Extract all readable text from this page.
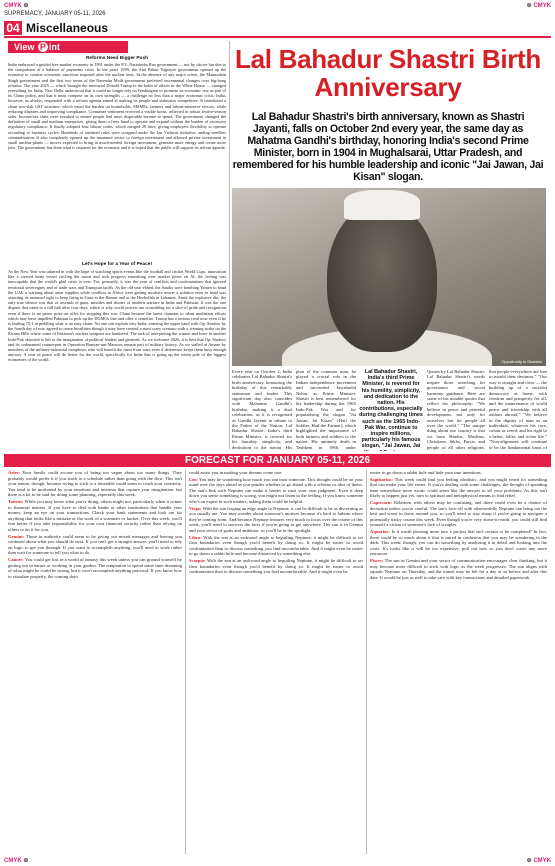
CMYK ⊕	⊕ CMYK
CMYK ⊕	⊕ CMYK
SUPREMACY, JANUARY 05-11, 2026
04 Miscellaneous
View P int
Reforms Need Bigger Push
India embraced a guided free market economy in 1991 under the P.V. Narasimha Rao government — not by choice but due to the compulsion of a balance of payments crisis. In the years 1999, the Atal Bihari Vajpayee government opened up the economy to counter economic sanctions imposed after the nuclear tests. In the absence of any major crises, the Manmohan Singh government and the first two terms of the Narendra Modi government preferred incremental changes over big-bang reforms. The year 2025 — which brought the mercurial Donald Trump to the helm of affairs in the White House — changed everything for India. New Delhi understood that it could no longer rely on Washington to promote its economic rise as part of its China policy, and that it must compete on its own strengths — a challenge no less than a major economic crisis. India, however, as always, responded with a reform agenda aimed at making its people and industries competitive. It introduced a clean two-slab GST structure, which eased the burden on households, MSMEs, farmers and labour-intensive sectors, while reducing disputes and improving compliance. Consumer sentiment received a visible boost, reflected in robust festive-season sales. Income-tax slabs were tweaked to ensure people had more disposable income to spend. The government changed the definition of small and medium enterprises, giving them a freer hand to operate and expand without the burden of excessive regulatory compliance. It finally adopted four labour codes, which merged 29 laws, giving employers flexibility to operate according to business cycles. Hundreds of outdated rules were scrapped under the Jan Vishwas initiative, ending needless criminalisation. It also completely opened up the insurance sector to foreign investment and allowed private investment in small nuclear plants — moves expected to bring in much-needed foreign investment, generate more energy and create more jobs. The government has done what is required for the economy and it is hoped that the public will support its reform agenda.
Let's Hope for a Year of Peace!
As the New Year was ushered in with the hope of watching sports events like the football and cricket World Cups, innovation like a crewed lunar vessel circling the moon and tech progress smoothing over market jitters on AI, the feeling was inescapable that the world's glad crisis is over. For, primarily, it was the year of conflicts and confrontations that ignored territorial sovereignty and of trade wars and Trumpian tariffs. As the old year ebbed, the Saudis were bombing Yemen to hand the UAE a warning about arms supplies while conflicts in Africa were getting nowhere nearer a solution even as head was asserting its assumed right to keep firing in Gaza at the Hamas and at the Hezbollah in Lebanon. Amid the explosive din, the only true silence was that of arsenals of guns, missiles and drones of modern warfare in India and Pakistan. It was the one dispute that came to a full halt after four days, which is why world powers are scrambling for a slice of pride and recognition even if there is no peace prize on offer for stopping this war. China became the latest claimant to silent mediation efforts which may have impelled Pakistan to pick up the DGMOs line and offer a ceasefire. Trump has a serious rival now even if he is leading 75:1 in peddling what is an easy claim. No one can explain why India, entering the upper hand with Op. Sindoor by the fourth day of war, agreed to cease hostilities though it may have created a most scary scenario with a warning strike on the Kirana Hills where some of Pakistan's nuclear weapons are bunkered. The task of interpreting the winner and loser in another Indo-Pak skirmish is left to the imagination of political leaders and generals. As we welcome 2026, it is best that Op. Sindoor and its codenamed counterpart in Operation Bunyan-um-Marsoos remain part of military history. As we stalled at Amaze by members of the military-industrial complexes who will benefit the most from wars even if deterrence keeps them busy enough anyway. A year of peace will do better for the world, specifically for India that is going up the totem pole of the biggest economies of the world.
Lal Bahadur Shastri Birth Anniversary
Lal Bahadur Shastri's birth anniversary, known as Shastri Jayanti, falls on October 2nd every year, the same day as Mahatma Gandhi's birthday, honoring India's second Prime Minister, born in 1904 in Mughalsarai, Uttar Pradesh, and remembered for his humble leadership and iconic "Jai Jawan, Jai Kisan" slogan.
Opportunity in Disaster
Every year on October 2, India celebrates Lal Bahadur Shastri's birth anniversary, honouring the birthday of this remarkably statesman and leader. This significant day also coincides with Mahatma Gandhi's birthday, making it a dual celebration, as it is recognised as Gandhi Jayanti in tribute to the Father of the Nation. Lal Bahadur Shastri, India's third Prime Minister, is revered for his humility, simplicity, and dedication to the nation. His
pion of the common man, he played a crucial role in the Indian independence movement and succeeded Jawaharlal Nehru as Prime Minister. Shastri is best remembered for his leadership during the 1965 Indo-Pak War and for popularising the slogan "Jai Jawan, Jai Kisan" (Hail the Soldier, Hail the Farmer), which highlighted the importance of both farmers and soldiers to the nation. His untimely death in Tashkent in 1966, under
Lal Bahadur Shastri, India's third Prime Minister, is revered for his humility, simplicity, and dedication to the nation. His contributions, especially during challenging times such as the 1965 Indo-Pak War, continue to inspire millions, particularly his famous slogan, "Jai Jawan, Jai
Quotes by Lal Bahadur Shastri: Lal Bahadur Shastri's words inspire those searching for governance and social harmony guidance. Here are some of his notable quotes that reflect his philosophy: "We believe in peace and peaceful development, not only for ourselves but for people all over the world." "The unique thing about our country is that we have Hindus, Muslims, Christians, Sikhs, Parsis, and people of all other religions.
that people everywhere are free to mould their destinies." "Our way is straight and clear — the building up of a socialist democracy at home, with freedom and prosperity for all, and the maintenance of world peace and friendship with all nations abroad." "We believe in the dignity of man as an individual, whatever his race, colour or creed, and his right to a better, fuller, and richer life." "Non-alignment will continue to be the fundamental basis of
FORECAST FOR JANUARY 05-11, 2026

Aries: Your family could accuse you of being too vague about too many things. They probably would prefer it if you stuck to a schedule rather than going with the flow. This isn't your nature, though, because trying to stick to a timetable could seem to crush your creativity. You tend to be motivated by your emotions and interests that capture your imagination, but there is a lot to be said for doing some planning, especially this week.

Taurus: While you may know what you're doing, others might not, particularly when it comes to financial matters. If you have to deal with banks or other institutions that handle your money, keep an eye on your transactions. Check your bank statements and look out for anything that looks like a mistake or the work of a scammer or hacker. Over this week, you'll fare better if you take responsibility for your own financial security rather than relying on others to do it for you.

Gemini: Those in authority could seem to be giving out mixed messages and leaving you confused about what you should do next. If you can't get a straight answer, you'll need to rely on logic to get you through. If you want to accomplish anything, you'll need to work rather than wait for someone to tell you what to do.

Cancer: You could get lost in a world of fantasy this week unless you can ground yourself by getting out in nature or working in your garden. The temptation to spend some time dreaming of what might be could be strong, but it won't accomplish anything practical. If you know how to visualize properly, the coming days

could assist you in making your dreams come true.

Leo: You may be wondering how much you can trust someone. This thought could be on your mind over the days ahead as you ponder whether to go ahead with a scheme or idea of theirs. The sun's link with Neptune can make it harder to trust your own judgment. Even if deep down you sense something is wrong, you might not listen to the feeling. If you know someone who's an expert in such matters, asking them could be helpful.

Virgo: With the sun forging an edgy angle to Neptune, it can be difficult to be as discerning as you usually are. You may wonder about someone's motives because it's hard to fathom where they're coming from. And because Neptune features very much in focus over the course of this week, you'll need to uncover the facts if you're going to get anywhere. The sun is in Gemini and your sector of goals and ambition, so you'll be in the spotlight.

Libra: With the sun at an awkward angle to beguiling Neptune, it might be difficult to set firm boundaries even though you'd benefit by doing so. It might be easier to avoid confrontation than to discuss something you find uncomfortable. And it might even be easier to go down a rabbit hole and become distracted by something else.

Scorpio: With the sun at an awkward angle to beguiling Neptune, it might be difficult to set firm boundaries even though you'd benefit by doing so. It might be easier to avoid confrontation than to discuss something you find uncomfortable. And it might even be

easier to go down a rabbit hole and hide your true intentions.

Sagittarius: This week could find you feeling idealistic, and you might yearn for something that can make your life easier. If you're dealing with some challenges, the thought of spending time somewhere more exotic could seem like the answer to all your problems. As this isn't likely to happen just yet, turn to spiritual and metaphysical means to find relief.

Capricorn: Relations with others may be confusing, and there could even be a chance of deception unless you're careful. The sun's face-off with otherworldly Neptune can bring out the best and worst in those around you, so you'll need to stay sharp if you're going to navigate a potentially tricky course this week. Even though you're very down-to-earth, you could still find yourself a victim of someone's lack of scruples.

Aquarius: Is it worth plowing more into a project that isn't certain to be completed? In fact, there could be so much about it that is mired in confusion that you may be wandering in the dark. This week, though, you can do something by analyzing it in detail and looking into the costs. It's looks like it will be too expensive, pull out now so you don't waste any more resources.

Pisces: The sun in Gemini and your sector of communication encourages clear thinking, but it may become more difficult to stick with logic as the week progresses. The sun aligns with aquatic Neptune on Thursday, and the transit may be felt for a day or so before and after this date. It would be just as well to take care with key transactions and detailed paperwork.
